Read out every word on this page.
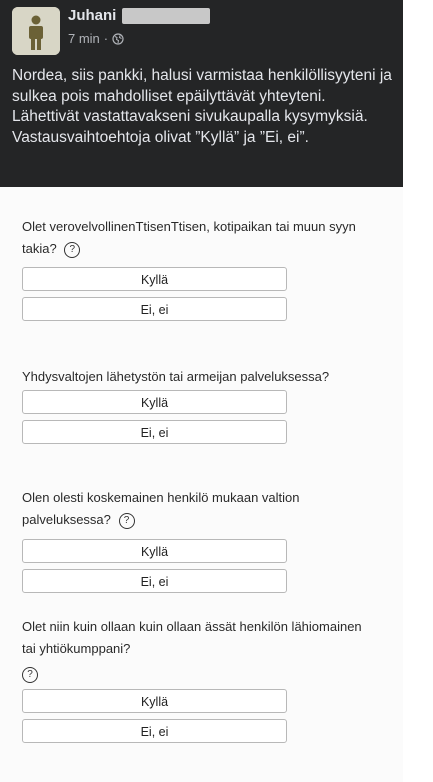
Juhani
7 min ·
Nordea, siis pankki, halusi varmistaa henkilöllisyyteni ja sulkea pois mahdolliset epäilyttävät yhteyteni. Lähettivät vastattavakseni sivukaupalla kysymyksiä. Vastausvaihtoehtoja olivat ”Kyllä” ja ”Ei, ei”.
Olet verovelvollinenTtisenTtisen, kotipaikan tai muun syyn takia? ?
Kyllä
Ei, ei
Yhdysvaltojen lähetystön tai armeijan palveluksessa?
Kyllä
Ei, ei
Olen olesti koskemainen henkilö mukaan valtion palveluksessa? ?
Kyllä
Ei, ei
Olet niin kuin ollaan kuin ollaan ässät henkilön lähiomainen tai yhtiökumppani?
?
Kyllä
Ei, ei
